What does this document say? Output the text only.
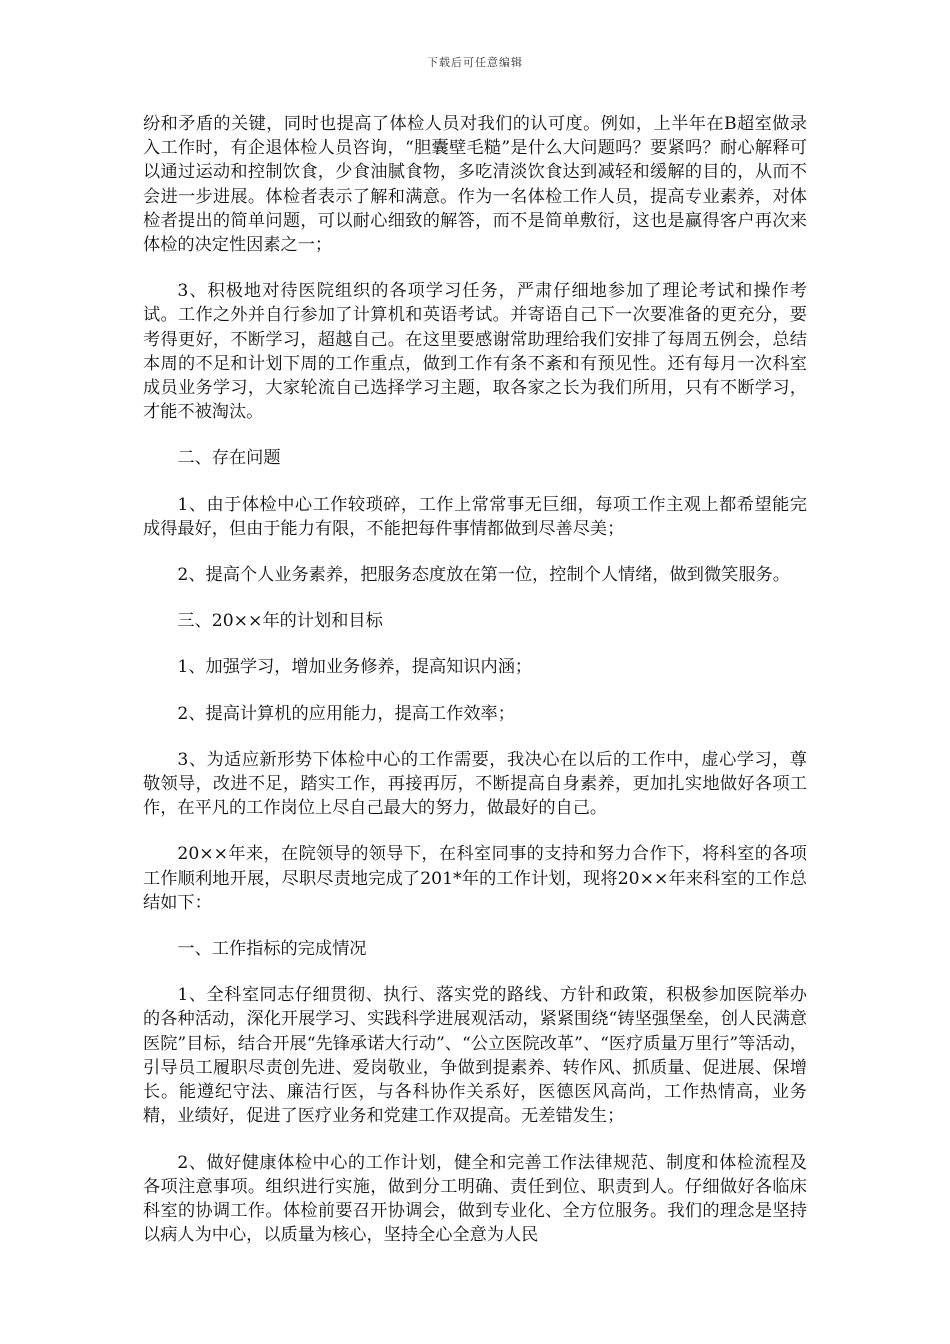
下载后可任意编辑

纷和矛盾的关键，同时也提高了体检人员对我们的认可度。例如，上半年在B超室做录入工作时，有企退体检人员咨询，“胆囊壁毛糙”是什么大问题吗？要紧吗？耐心解释可以通过运动和控制饮食，少食油腻食物，多吃清淡饮食达到减轻和缓解的目的，从而不会进一步进展。体检者表示了解和满意。作为一名体检工作人员，提高专业素养，对体检者提出的简单问题，可以耐心细致的解答，而不是简单敷衍，这也是赢得客户再次来体检的决定性因素之一；

3、积极地对待医院组织的各项学习任务，严肃仔细地参加了理论考试和操作考试。工作之外并自行参加了计算机和英语考试。并寄语自己下一次要准备的更充分，要考得更好，不断学习，超越自己。在这里要感谢常助理给我们安排了每周五例会，总结本周的不足和计划下周的工作重点，做到工作有条不紊和有预见性。还有每月一次科室成员业务学习，大家轮流自己选择学习主题，取各家之长为我们所用，只有不断学习，才能不被淘汰。

二、存在问题

1、由于体检中心工作较琐碎，工作上常常事无巨细，每项工作主观上都希望能完成得最好，但由于能力有限，不能把每件事情都做到尽善尽美；

2、提高个人业务素养，把服务态度放在第一位，控制个人情绪，做到微笑服务。

三、20××年的计划和目标

1、加强学习，增加业务修养，提高知识内涵；

2、提高计算机的应用能力，提高工作效率；

3、为适应新形势下体检中心的工作需要，我决心在以后的工作中，虚心学习，尊敬领导，改进不足，踏实工作，再接再厉，不断提高自身素养，更加扎实地做好各项工作，在平凡的工作岗位上尽自己最大的努力，做最好的自己。

20××年来，在院领导的领导下，在科室同事的支持和努力合作下，将科室的各项工作顺利地开展，尽职尽责地完成了201*年的工作计划，现将20××年来科室的工作总结如下：

一、工作指标的完成情况

1、全科室同志仔细贯彻、执行、落实党的路线、方针和政策，积极参加医院举办的各种活动，深化开展学习、实践科学进展观活动，紧紧围绕“铸坚强堡垒，创人民满意医院”目标，结合开展“先锋承诺大行动”、“公立医院改革”、“医疗质量万里行”等活动，引导员工履职尽责创先进、爱岗敬业，争做到提素养、转作风、抓质量、促进展、保增长。能遵纪守法、廉洁行医，与各科协作关系好，医德医风高尚，工作热情高，业务精，业绩好，促进了医疗业务和党建工作双提高。无差错发生；

2、做好健康体检中心的工作计划，健全和完善工作法律规范、制度和体检流程及各项注意事项。组织进行实施，做到分工明确、责任到位、职责到人。仔细做好各临床科室的协调工作。体检前要召开协调会，做到专业化、全方位服务。我们的理念是坚持以病人为中心，以质量为核心，坚持全心全意为人民
